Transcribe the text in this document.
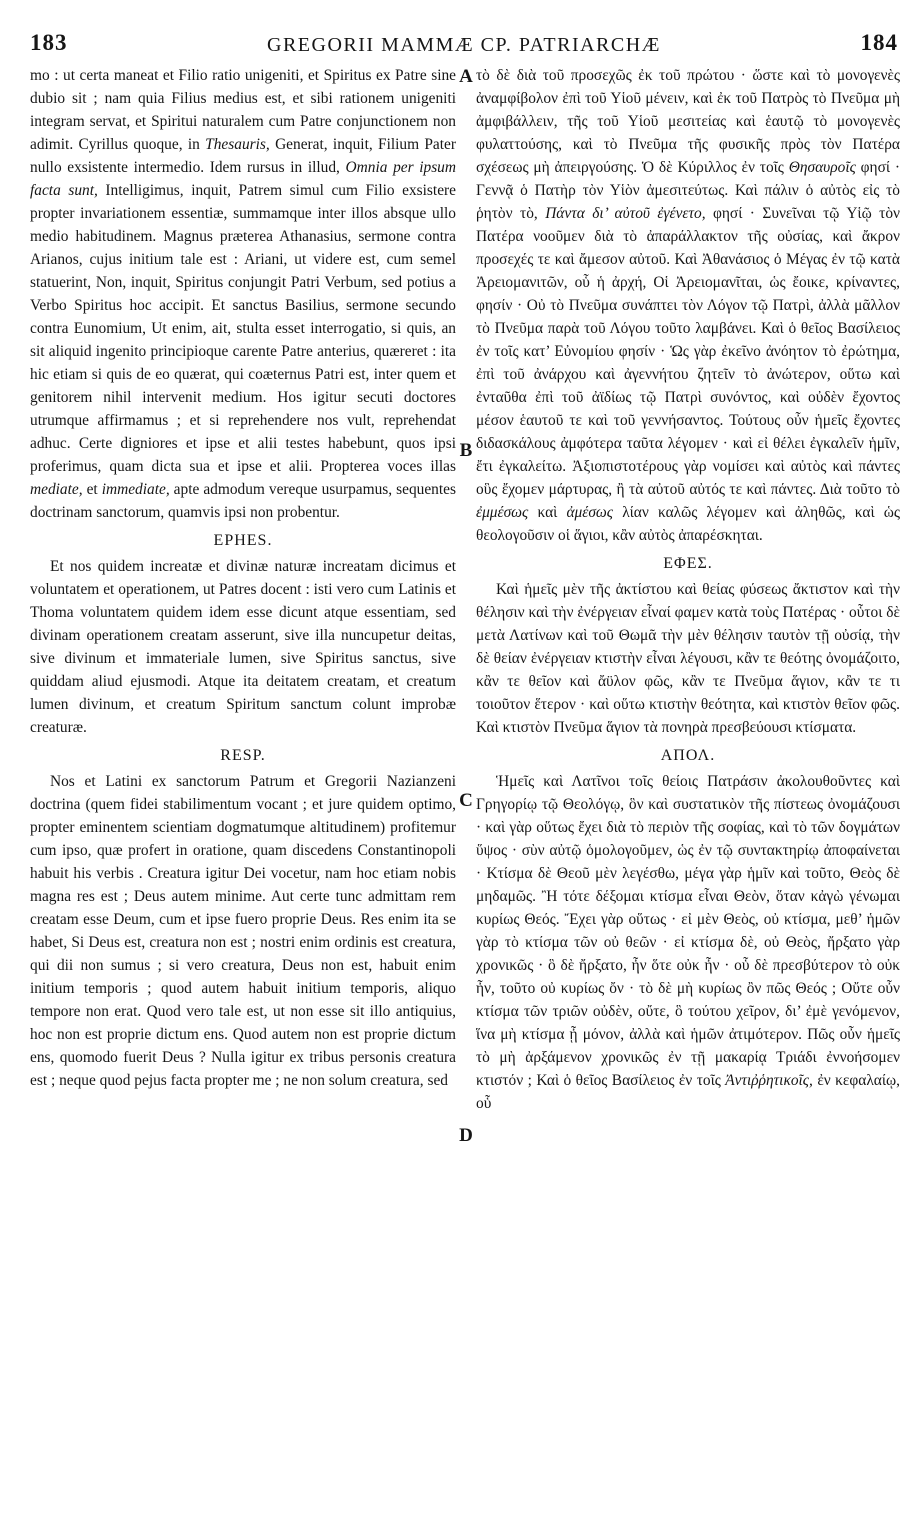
183	GREGORII MAMMÆ CP. PATRIARCHÆ	184

mo : ut certa maneat et Filio ratio unigeniti, et Spiritus ex Patre sine dubio sit ; nam quia Filius medius est, et sibi rationem unigeniti integram servat, et Spiritui naturalem cum Patre conjunctionem non adimit. Cyrillus quoque, in Thesauris, Generat, inquit, Filium Pater nullo exsistente intermedio. Idem rursus in illud, Omnia per ipsum facta sunt, Intelligimus, inquit, Patrem simul cum Filio exsistere propter invariationem essentiæ, summamque inter illos absque ullo medio habitudinem. Magnus præterea Athanasius, sermone contra Arianos, cujus initium tale est : Ariani, ut videre est, cum semel statuerint, Non, inquit, Spiritus conjungit Patri Verbum, sed potius a Verbo Spiritus hoc accipit. Et sanctus Basilius, sermone secundo contra Eunomium, Ut enim, ait, stulta esset interrogatio, si quis, an sit aliquid ingenito principioque carente Patre anterius, quæreret : ita hic etiam si quis de eo quærat, qui coæternus Patri est, inter quem et genitorem nihil intervenit medium. Hos igitur secuti doctores utrumque affirmamus ; et si reprehendere nos vult, reprehendat adhuc. Certe digniores et ipse et alii testes habebunt, quos ipsi proferimus, quam dicta sua et ipse et alii. Propterea voces illas mediate, et immediate, apte admodum vereque usurpamus, sequentes doctrinam sanctorum, quamvis ipsi non probentur.

EPHES.

Et nos quidem increatæ et divinæ naturæ increatam dicimus et voluntatem et operationem, ut Patres docent : isti vero cum Latinis et Thoma voluntatem quidem idem esse dicunt atque essentiam, sed divinam operationem creatam asserunt, sive illa nuncupetur deitas, sive divinum et immateriale lumen, sive Spiritus sanctus, sive quiddam aliud ejusmodi. Atque ita deitatem creatam, et creatum lumen divinum, et creatum Spiritum sanctum colunt improbæ creaturæ.

RESP.

Nos et Latini ex sanctorum Patrum et Gregorii Nazianzeni doctrina (quem fidei stabilimentum vocant ; et jure quidem optimo, propter eminentem scientiam dogmatumque altitudinem) profitemur cum ipso, quæ profert in oratione, quam discedens Constantinopoli habuit his verbis . Creatura igitur Dei vocetur, nam hoc etiam nobis magna res est ; Deus autem minime. Aut certe tunc admittam rem creatam esse Deum, cum et ipse fuero proprie Deus. Res enim ita se habet, Si Deus est, creatura non est ; nostri enim ordinis est creatura, qui dii non sumus ; si vero creatura, Deus non est, habuit enim initium temporis ; quod autem habuit initium temporis, aliquo tempore non erat. Quod vero tale est, ut non esse sit illo antiquius, hoc non est proprie dictum ens. Quod autem non est proprie dictum ens, quomodo fuerit Deus ? Nulla igitur ex tribus personis creatura est ; neque quod pejus facta propter me ; ne non solum creatura, sed

A
B
C
D

τὸ δὲ διὰ τοῦ προσεχῶς ἐκ τοῦ πρώτου · ὥστε καὶ τὸ μονογενὲς ἀναμφίβολον ἐπὶ τοῦ Υἱοῦ μένειν, καὶ ἐκ τοῦ Πατρὸς τὸ Πνεῦμα μὴ ἀμφιβάλλειν, τῆς τοῦ Υἱοῦ μεσιτείας καὶ ἑαυτῷ τὸ μονογενὲς φυλαττούσης, καὶ τὸ Πνεῦμα τῆς φυσικῆς πρὸς τὸν Πατέρα σχέσεως μὴ ἀπειργούσης. Ὁ δὲ Κύριλλος ἐν τοῖς Θησαυροῖς φησί · Γεννᾷ ὁ Πατὴρ τὸν Υἱὸν ἀμεσιτεύτως. Καὶ πάλιν ὁ αὐτὸς εἰς τὸ ῥητὸν τὸ, Πάντα δι’ αὐτοῦ ἐγένετο, φησί · Συνεῖναι τῷ Υἱῷ τὸν Πατέρα νοοῦμεν διὰ τὸ ἀπαράλλακτον τῆς οὐσίας, καὶ ἄκρον προσεχές τε καὶ ἄμεσον αὐτοῦ. Καὶ Ἀθανάσιος ὁ Μέγας ἐν τῷ κατὰ Ἀρειομανιτῶν, οὗ ἡ ἀρχή, Οἱ Ἀρειομανῖται, ὡς ἔοικε, κρίναντες, φησίν · Οὐ τὸ Πνεῦμα συνάπτει τὸν Λόγον τῷ Πατρὶ, ἀλλὰ μᾶλλον τὸ Πνεῦμα παρὰ τοῦ Λόγου τοῦτο λαμβάνει. Καὶ ὁ θεῖος Βασίλειος ἐν τοῖς κατ’ Εὐνομίου φησίν · Ὡς γὰρ ἐκεῖνο ἀνόητον τὸ ἐρώτημα, ἐπὶ τοῦ ἀνάρχου καὶ ἀγεννήτου ζητεῖν τὸ ἀνώτερον, οὕτω καὶ ἐνταῦθα ἐπὶ τοῦ ἀϊδίως τῷ Πατρὶ συνόντος, καὶ οὐδὲν ἔχοντος μέσον ἑαυτοῦ τε καὶ τοῦ γεννήσαντος. Τούτους οὖν ἡμεῖς ἔχοντες διδασκάλους ἀμφότερα ταῦτα λέγομεν · καὶ εἰ θέλει ἐγκαλεῖν ἡμῖν, ἔτι ἐγκαλείτω. Ἀξιοπιστοτέρους γὰρ νομίσει καὶ αὐτὸς καὶ πάντες οὓς ἔχομεν μάρτυρας, ἢ τὰ αὐτοῦ αὐτός τε καὶ πάντες. Διὰ τοῦτο τὸ ἐμμέσως καὶ ἀμέσως λίαν καλῶς λέγομεν καὶ ἀληθῶς, καὶ ὡς θεολογοῦσιν οἱ ἅγιοι, κἂν αὐτὸς ἀπαρέσκηται.

ΕΦΕΣ.

Καὶ ἡμεῖς μὲν τῆς ἀκτίστου καὶ θείας φύσεως ἄκτιστον καὶ τὴν θέλησιν καὶ τὴν ἐνέργειαν εἶναί φαμεν κατὰ τοὺς Πατέρας · οὗτοι δὲ μετὰ Λατίνων καὶ τοῦ Θωμᾶ τὴν μὲν θέλησιν ταυτὸν τῇ οὐσίᾳ, τὴν δὲ θείαν ἐνέργειαν κτιστὴν εἶναι λέγουσι, κἂν τε θεότης ὀνομάζοιτο, κἂν τε θεῖον καὶ ἄϋλον φῶς, κἂν τε Πνεῦμα ἅγιον, κἂν τε τι τοιοῦτον ἕτερον · καὶ οὕτω κτιστὴν θεότητα, καὶ κτιστὸν θεῖον φῶς. Καὶ κτιστὸν Πνεῦμα ἅγιον τὰ πονηρὰ πρεσβεύουσι κτίσματα.

ΑΠΟΛ.

Ἡμεῖς καὶ Λατῖνοι τοῖς θείοις Πατράσιν ἀκολουθοῦντες καὶ Γρηγορίῳ τῷ Θεολόγῳ, ὃν καὶ συστατικὸν τῆς πίστεως ὀνομάζουσι · καὶ γὰρ οὕτως ἔχει διὰ τὸ περιὸν τῆς σοφίας, καὶ τὸ τῶν δογμάτων ὕψος · σὺν αὐτῷ ὁμολογοῦμεν, ὡς ἐν τῷ συντακτηρίῳ ἀποφαίνεται · Κτίσμα δὲ Θεοῦ μὲν λεγέσθω, μέγα γὰρ ἡμῖν καὶ τοῦτο, Θεὸς δὲ μηδαμῶς. Ἢ τότε δέξομαι κτίσμα εἶναι Θεὸν, ὅταν κἀγὼ γένωμαι κυρίως Θεός. Ἔχει γὰρ οὕτως · εἰ μὲν Θεὸς, οὐ κτίσμα, μεθ’ ἡμῶν γὰρ τὸ κτίσμα τῶν οὐ θεῶν · εἰ κτίσμα δὲ, οὐ Θεὸς, ἤρξατο γὰρ χρονικῶς · ὃ δὲ ἤρξατο, ἦν ὅτε οὐκ ἦν · οὗ δὲ πρεσβύτερον τὸ οὐκ ἦν, τοῦτο οὐ κυρίως ὄν · τὸ δὲ μὴ κυρίως ὂν πῶς Θεός ; Οὔτε οὖν κτίσμα τῶν τριῶν οὐδὲν, οὔτε, ὃ τούτου χεῖρον, δι’ ἐμὲ γενόμενον, ἵνα μὴ κτίσμα ᾖ μόνον, ἀλλὰ καὶ ἡμῶν ἀτιμότερον. Πῶς οὖν ἡμεῖς τὸ μὴ ἀρξάμενον χρονικῶς ἐν τῇ μακαρίᾳ Τριάδι ἐννοήσομεν κτιστόν ; Καὶ ὁ θεῖος Βασίλειος ἐν τοῖς Ἀντιῤῥητικοῖς, ἐν κεφαλαίῳ, οὗ
